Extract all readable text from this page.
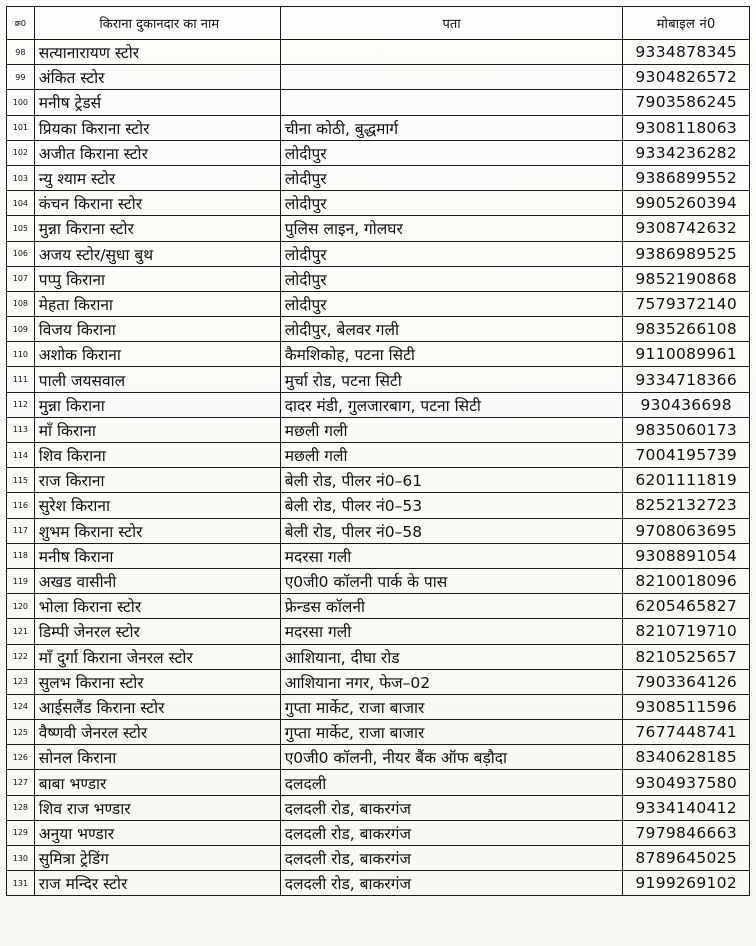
क्र0	किराना दुकानदार का नाम	पता	मोबाइल नं0
98	सत्यानारायण स्टोर		9334878345
99	अंकित स्टोर		9304826572
100	मनीष ट्रेडर्स		7903586245
101	प्रियका किराना स्टोर	चीना कोठी, बुद्धमार्ग	9308118063
102	अजीत किराना स्टोर	लोदीपुर	9334236282
103	न्यु श्याम स्टोर	लोदीपुर	9386899552
104	कंचन किराना स्टोर	लोदीपुर	9905260394
105	मुन्ना किराना स्टोर	पुलिस लाइन, गोलघर	9308742632
106	अजय स्टोर/सुधा बुथ	लोदीपुर	9386989525
107	पप्पु किराना	लोदीपुर	9852190868
108	मेहता किराना	लोदीपुर	7579372140
109	विजय किराना	लोदीपुर, बेलवर गली	9835266108
110	अशोक किराना	कैमशिकोह, पटना सिटी	9110089961
111	पाली जयसवाल	मुर्चा रोड, पटना सिटी	9334718366
112	मुन्ना किराना	दादर मंडी, गुलजारबाग, पटना सिटी	930436698
113	माँ किराना	मछली गली	9835060173
114	शिव किराना	मछली गली	7004195739
115	राज किराना	बेली रोड, पीलर नं0–61	6201111819
116	सुरेश किराना	बेली रोड, पीलर नं0–53	8252132723
117	शुभम किराना स्टोर	बेली रोड, पीलर नं0–58	9708063695
118	मनीष किराना	मदरसा गली	9308891054
119	अखड वासीनी	ए0जी0 कॉलनी पार्क के पास	8210018096
120	भोला किराना स्टोर	फ्रेन्डस कॉलनी	6205465827
121	डिम्पी जेनरल स्टोर	मदरसा गली	8210719710
122	माँ दुर्गा किराना जेनरल स्टोर	आशियाना, दीघा रोड	8210525657
123	सुलभ किराना स्टोर	आशियाना नगर, फेज–02	7903364126
124	आईसलैंड किराना स्टोर	गुप्ता मार्केट, राजा बाजार	9308511596
125	वैष्णवी जेनरल स्टोर	गुप्ता मार्केट, राजा बाजार	7677448741
126	सोनल किराना	ए0जी0 कॉलनी, नीयर बैंक ऑफ बड़ौदा	8340628185
127	बाबा भण्डार	दलदली	9304937580
128	शिव राज भण्डार	दलदली रोड, बाकरगंज	9334140412
129	अनुया भण्डार	दलदली रोड, बाकरगंज	7979846663
130	सुमित्रा ट्रेडिंग	दलदली रोड, बाकरगंज	8789645025
131	राज मन्दिर स्टोर	दलदली रोड, बाकरगंज	9199269102
